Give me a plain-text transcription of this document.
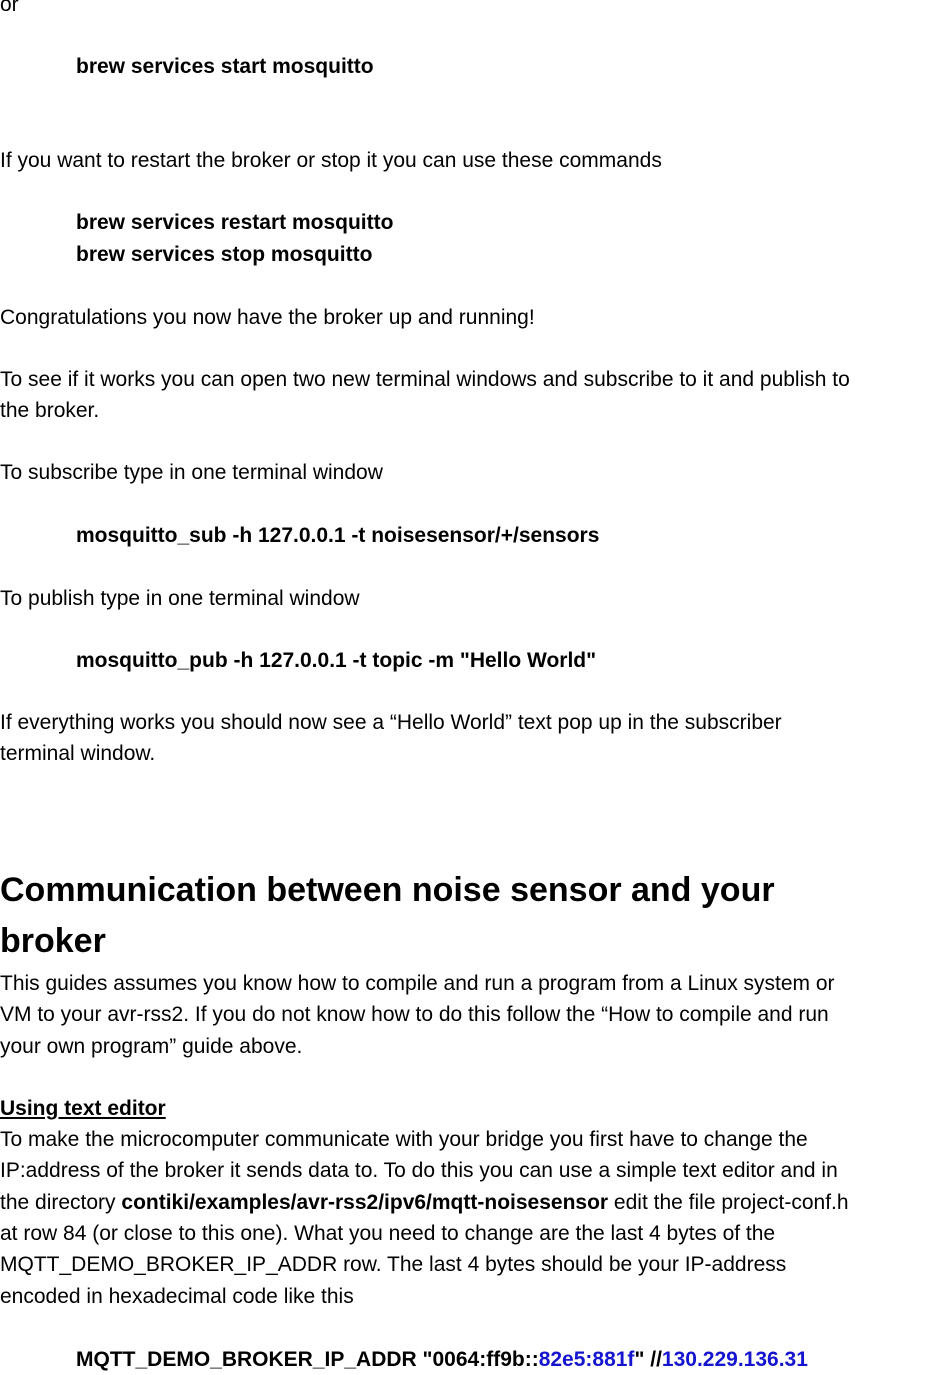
or
brew services start mosquitto
If you want to restart the broker or stop it you can use these commands
brew services restart mosquitto
brew services stop mosquitto
Congratulations you now have the broker up and running!
To see if it works you can open two new terminal windows and subscribe to it and publish to
the broker.
To subscribe type in one terminal window
mosquitto_sub -h 127.0.0.1 -t noisesensor/+/sensors
To publish type in one terminal window
mosquitto_pub -h 127.0.0.1 -t topic -m "Hello World"
If everything works you should now see a “Hello World” text pop up in the subscriber
terminal window.
Communication between noise sensor and your
broker
This guides assumes you know how to compile and run a program from a Linux system or
VM to your avr-rss2. If you do not know how to do this follow the “How to compile and run
your own program” guide above.
Using text editor
To make the microcomputer communicate with your bridge you first have to change the
IP:address of the broker it sends data to. To do this you can use a simple text editor and in
the directory contiki/examples/avr-rss2/ipv6/mqtt-noisesensor edit the file project-conf.h
at row 84 (or close to this one). What you need to change are the last 4 bytes of the
MQTT_DEMO_BROKER_IP_ADDR row. The last 4 bytes should be your IP-address
encoded in hexadecimal code like this
MQTT_DEMO_BROKER_IP_ADDR "0064:ff9b::82e5:881f" //130.229.136.31
